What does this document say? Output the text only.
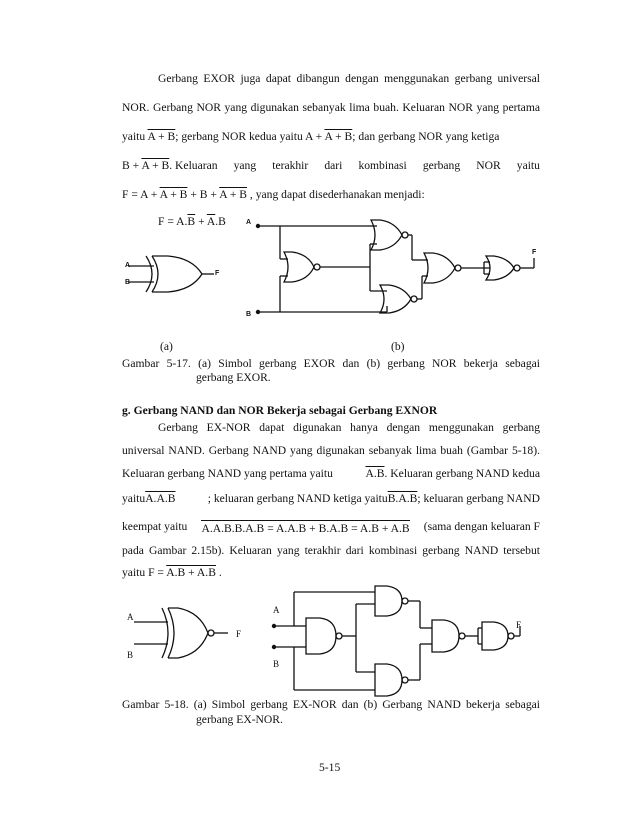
Gerbang EXOR juga dapat dibangun dengan menggunakan gerbang universal
NOR. Gerbang NOR yang digunakan sebanyak lima buah. Keluaran NOR yang pertama
yaitu A + B; gerbang NOR kedua yaitu A + A + B; dan gerbang NOR yang ketiga
B + A + B. Keluaran yang terakhir dari kombinasi gerbang NOR yaitu
F = A + A + B + B + A + B , yang dapat disederhanakan menjadi:
$F = A.\overline{B} + \overline{A}.B$
A
B
F
A
B
F
(a)	(b)
Gambar 5-17. (a) Simbol gerbang EXOR dan (b) gerbang NOR bekerja sebagai
gerbang EXOR.
g. Gerbang NAND dan NOR Bekerja sebagai Gerbang EXNOR
Gerbang EX-NOR dapat digunakan hanya dengan menggunakan gerbang
universal NAND. Gerbang NAND yang digunakan sebanyak lima buah (Gambar 5-18).
Keluaran gerbang NAND yang pertama yaitu	A.B. Keluaran gerbang NAND kedua
yaituA.A.B	; keluaran gerbang NAND ketiga yaituB.A.B; keluaran gerbang NAND
keempat yaitu A.A.B.B.A.B = A.A.B + B.A.B = A.B + A.B (sama dengan keluaran F
pada Gambar 2.15b). Keluaran yang terakhir dari kombinasi gerbang NAND tersebut
yaitu F = A.B + A.B .
A
B
F
A
B
F
Gambar 5-18. (a) Simbol gerbang EX-NOR dan (b) Gerbang NAND bekerja sebagai
gerbang EX-NOR.
5-15
